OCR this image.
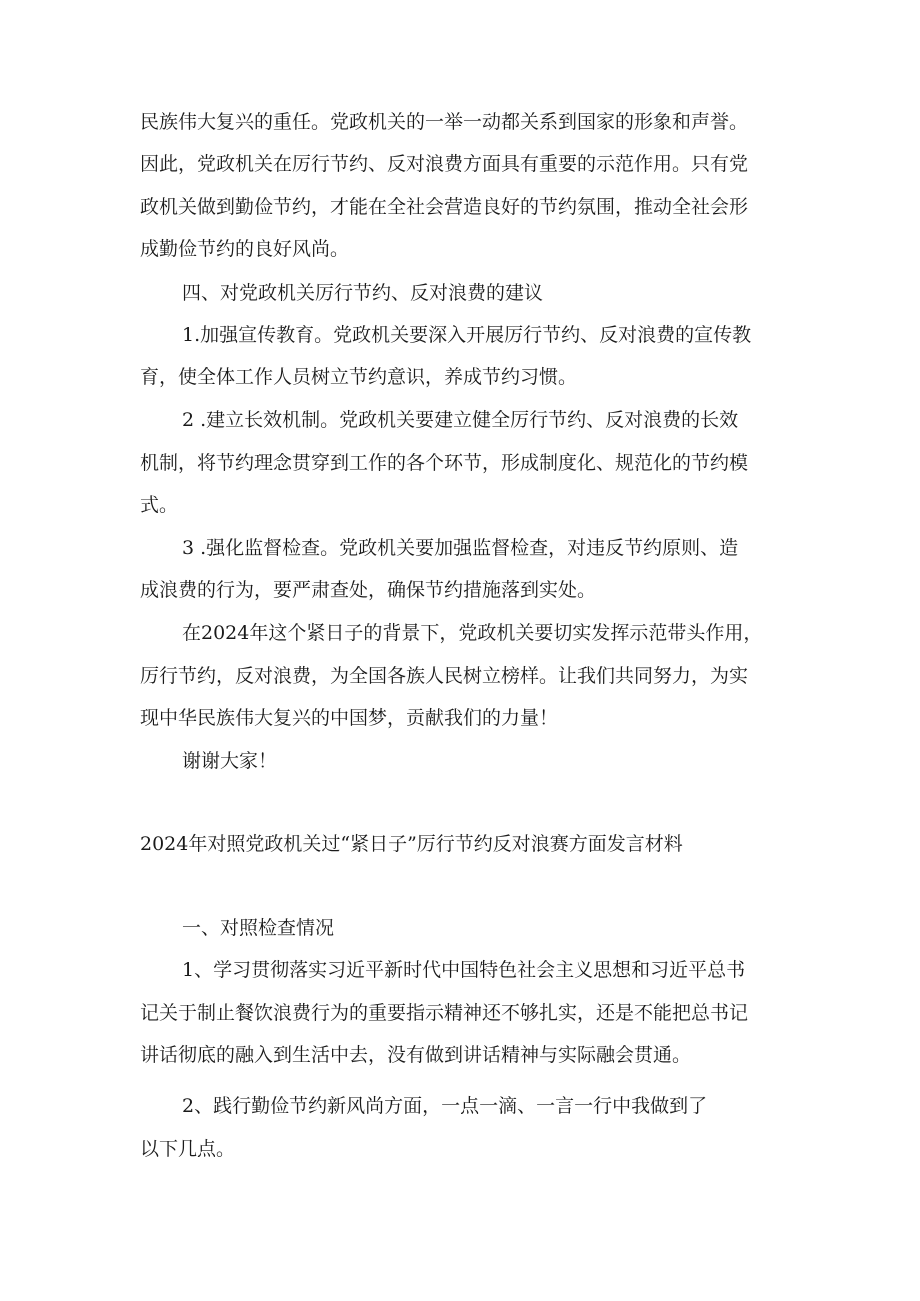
民族伟大复兴的重任。党政机关的一举一动都关系到国家的形象和声誉。
因此，党政机关在厉行节约、反对浪费方面具有重要的示范作用。只有党
政机关做到勤俭节约，才能在全社会营造良好的节约氛围，推动全社会形
成勤俭节约的良好风尚。
四、对党政机关厉行节约、反对浪费的建议
1.加强宣传教育。党政机关要深入开展厉行节约、反对浪费的宣传教
育，使全体工作人员树立节约意识，养成节约习惯。
2 .建立长效机制。党政机关要建立健全厉行节约、反对浪费的长效
机制，将节约理念贯穿到工作的各个环节，形成制度化、规范化的节约模
式。
3 .强化监督检查。党政机关要加强监督检查，对违反节约原则、造
成浪费的行为，要严肃查处，确保节约措施落到实处。
在2024年这个紧日子的背景下，党政机关要切实发挥示范带头作用，
厉行节约，反对浪费，为全国各族人民树立榜样。让我们共同努力，为实
现中华民族伟大复兴的中国梦，贡献我们的力量！
谢谢大家！
2024年对照党政机关过“紧日子”厉行节约反对浪赛方面发言材料
一、对照检查情况
1、学习贯彻落实习近平新时代中国特色社会主义思想和习近平总书
记关于制止餐饮浪费行为的重要指示精神还不够扎实，还是不能把总书记
讲话彻底的融入到生活中去，没有做到讲话精神与实际融会贯通。
2、践行勤俭节约新风尚方面，一点一滴、一言一行中我做到了
以下几点。
